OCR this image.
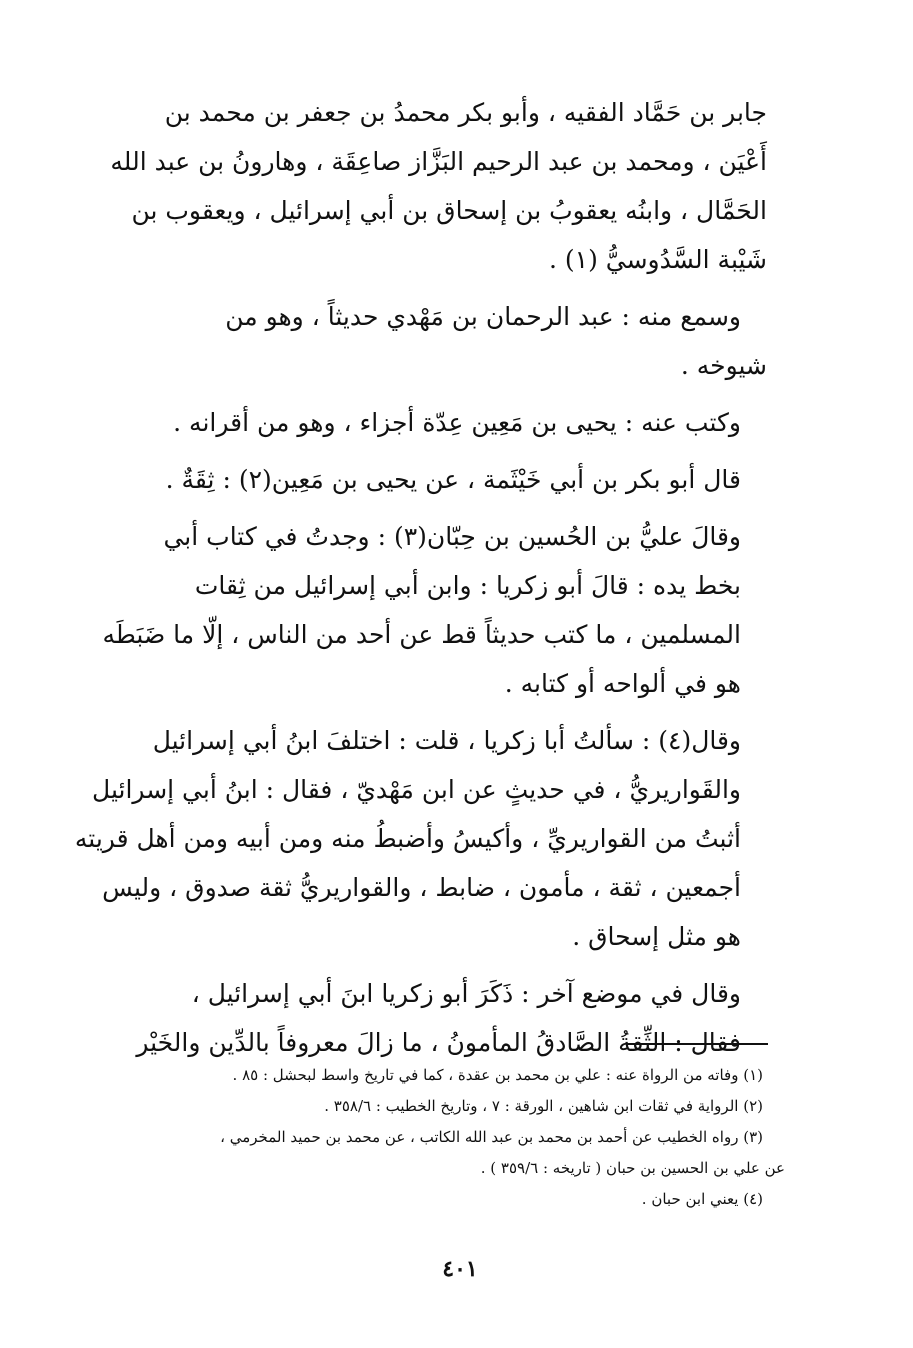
جابر بن حَمَّاد الفقيه ، وأبو بكر محمدُ بن جعفر بن محمد بن
أَعْيَن ، ومحمد بن عبد الرحيم البَزَّاز صاعِقَة ، وهارونُ بن عبد الله
الحَمَّال ، وابنُه يعقوبُ بن إسحاق بن أبي إسرائيل ، ويعقوب بن
شَيْبة السَّدُوسيُّ (١) .

وسمع منه : عبد الرحمان بن مَهْدي حديثاً ، وهو من
شيوخه .

وكتب عنه : يحيى بن مَعِين عِدّة أجزاء ، وهو من أقرانه .

قال أبو بكر بن أبي خَيْثَمة ، عن يحيى بن مَعِين(٢) : ثِقَةٌ .

وقالَ عليُّ بن الحُسين بن حِبّان(٣) : وجدتُ في كتاب أبي
بخط يده : قالَ أبو زكريا : وابن أبي إسرائيل من ثِقات
المسلمين ، ما كتب حديثاً قط عن أحد من الناس ، إلّا ما ضَبَطَه
هو في ألواحه أو كتابه .

وقال(٤) : سألتُ أبا زكريا ، قلت : اختلفَ ابنُ أبي إسرائيل
والقَواريريُّ ، في حديثٍ عن ابن مَهْديّ ، فقال : ابنُ أبي إسرائيل
أثبتُ من القواريريِّ ، وأكيسُ وأضبطُ منه ومن أبيه ومن أهل قريته
أجمعين ، ثقة ، مأمون ، ضابط ، والقواريريُّ ثقة صدوق ، وليس
هو مثل إسحاق .

وقال في موضع آخر : ذَكَرَ أبو زكريا ابنَ أبي إسرائيل ،
فقال : الثِّقةُ الصَّادقُ المأمونُ ، ما زالَ معروفاً بالدِّين والخَيْر

(١) وفاته من الرواة عنه : علي بن محمد بن عقدة ، كما في تاريخ واسط لبحشل : ٨٥ .
(٢) الرواية في ثقات ابن شاهين ، الورقة : ٧ ، وتاريخ الخطيب : ٣٥٨/٦ .
(٣) رواه الخطيب عن أحمد بن محمد بن عبد الله الكاتب ، عن محمد بن حميد المخرمي ،
عن علي بن الحسين بن حبان ( تاريخه : ٣٥٩/٦ ) .
(٤) يعني ابن حبان .
٤٠١
